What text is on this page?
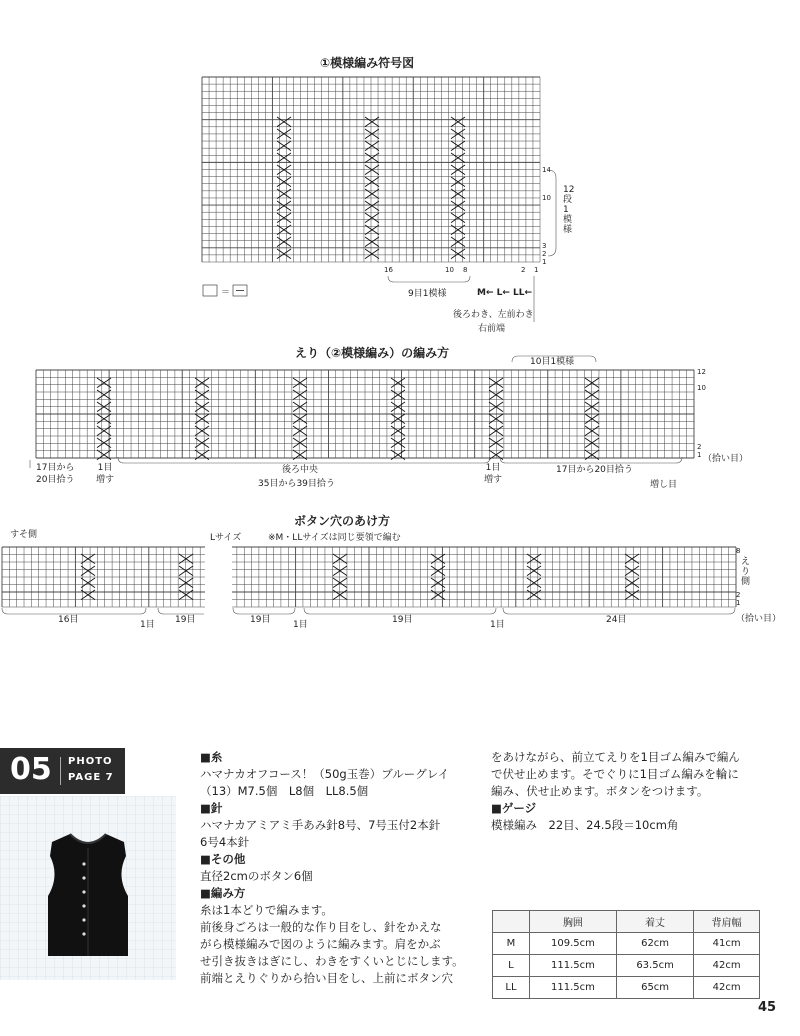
①模様編み符号図
14
10
3
2
1
12段1模様
16	10 8	2 1
9目1模様
＝	M← L← LL←
後ろわき、左前わき
右前端
えり（②模様編み）の編み方
10目1模様
12
10
2
1 （拾い目）
17目から
20目拾う
1目
増す
後ろ中央
35目から39目拾う
1目
増す
17目から20目拾う
増し目
ボタン穴のあけ方
すそ側	Lサイズ	※M・LLサイズは同じ要領で編む
8
えり側
2
1
（拾い目）
16目	1目 19目	19目	1目	19目	1目	24目
05 PHOTO
PAGE 7
■糸
ハマナカオフコース！（50g玉巻）ブルーグレイ
（13）M7.5個　L8個　LL8.5個
■針
ハマナカアミアミ手あみ針8号、7号玉付2本針
6号4本針
■その他
直径2cmのボタン6個
■編み方
糸は1本どりで編みます。
前後身ごろは一般的な作り目をし、針をかえな
がら模様編みで図のように編みます。肩をかぶ
せ引き抜きはぎにし、わきをすくいとじにします。
前端とえりぐりから拾い目をし、上前にボタン穴
をあけながら、前立てえりを1目ゴム編みで編ん
で伏せ止めます。そでぐりに1目ゴム編みを輪に
編み、伏せ止めます。ボタンをつけます。
■ゲージ
模様編み　22目、24.5段＝10cm角
	胸囲	着丈	背肩幅
M	109.5cm	62cm	41cm
L	111.5cm	63.5cm	42cm
LL	111.5cm	65cm	42cm
45
